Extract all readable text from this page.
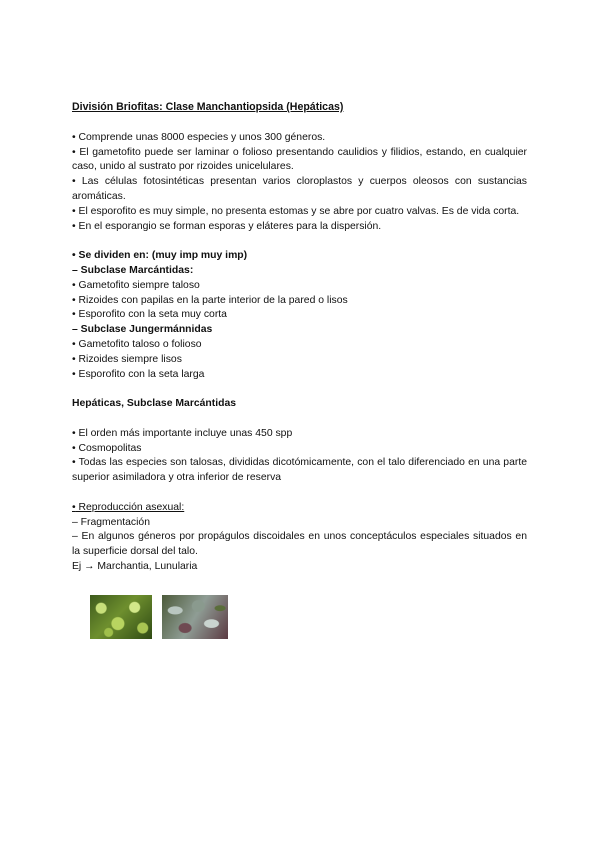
División Briofitas: Clase Manchantiopsida (Hepáticas)

• Comprende unas 8000 especies y unos 300 géneros.

• El gametofito puede ser laminar o folioso presentando caulidios y filidios, estando, en cualquier caso, unido al sustrato por rizoides unicelulares.

• Las células fotosintéticas presentan varios cloroplastos y cuerpos oleosos con sustancias aromáticas.

• El esporofito es muy simple, no presenta estomas y se abre por cuatro valvas. Es de vida corta.

• En el esporangio se forman esporas y eláteres para la dispersión.

• Se dividen en: (muy imp muy imp)

– Subclase Marcántidas:

• Gametofito siempre taloso

• Rizoides con papilas en la parte interior de la pared o lisos

• Esporofito con la seta muy corta

– Subclase Jungermánnidas

• Gametofito taloso o folioso

• Rizoides siempre lisos

• Esporofito con la seta larga

Hepáticas, Subclase Marcántidas

• El orden más importante incluye unas 450 spp

• Cosmopolitas

• Todas las especies son talosas, divididas dicotómicamente, con el talo diferenciado en una parte superior asimiladora y otra inferior de reserva

• Reproducción asexual:

– Fragmentación

– En algunos géneros por propágulos discoidales en unos conceptáculos especiales situados en la superficie dorsal del talo.

Ej → Marchantia, Lunularia
